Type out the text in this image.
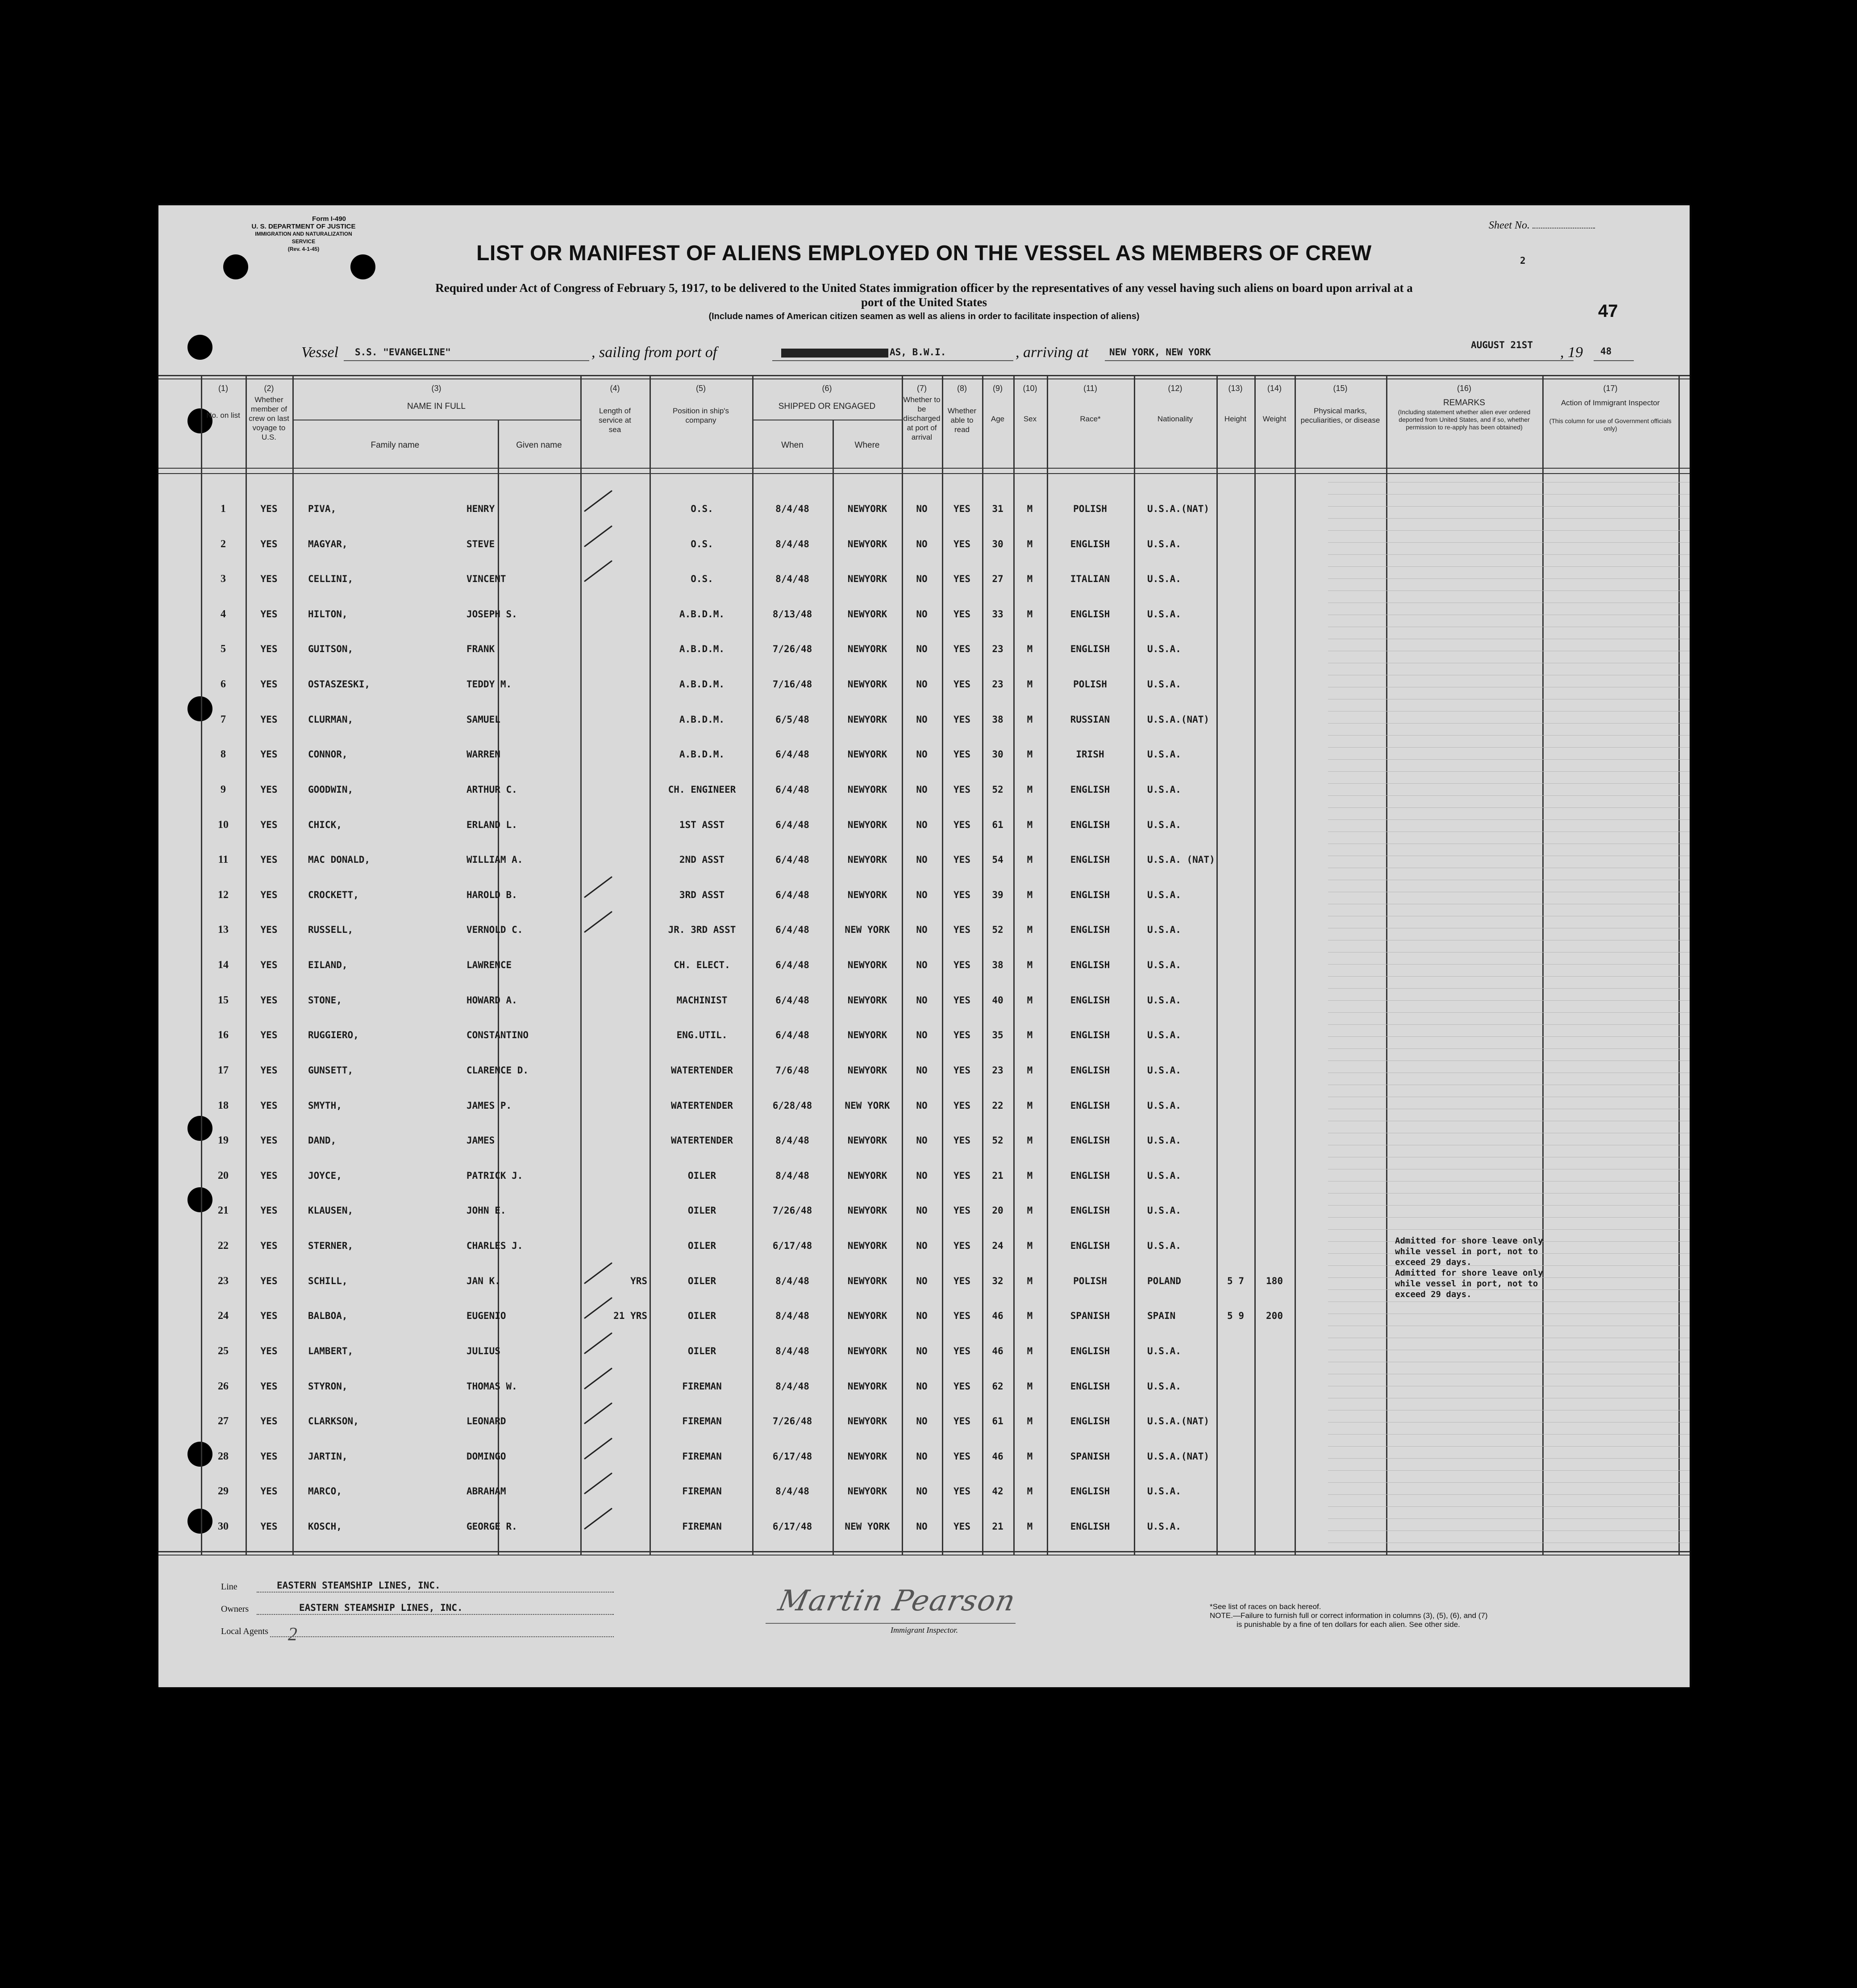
Form I-490
U. S. DEPARTMENT OF JUSTICE
IMMIGRATION AND NATURALIZATION SERVICE
(Rev. 4-1-45)
Sheet No.
2
47
LIST OR MANIFEST OF ALIENS EMPLOYED ON THE VESSEL AS MEMBERS OF CREW
Required under Act of Congress of February 5, 1917, to be delivered to the United States immigration officer by the representatives of any vessel having such aliens on board upon arrival at a
port of the United States
(Include names of American citizen seamen as well as aliens in order to facilitate inspection of aliens)
Vessel S.S. "EVANGELINE"	, sailing from port of	AS, B.W.I.	, arriving at NEW YORK, NEW YORK
AUGUST 21ST , 19 48
(1)
No. on list
(2)
Whether member of crew on last voyage to U.S.
(3)
NAME IN FULL
Family name	Given name
(4)
Length of service at sea
(5)
Position in ship's company
(6)
SHIPPED OR ENGAGED
When	Where
(7)
Whether to be discharged at port of arrival
(8)
Whether able to read
(9)
Age
(10)
Sex
(11)
Race*
(12)
Nationality
(13)
Height
(14)
Weight
(15)
Physical marks, peculiarities, or disease
(16)
REMARKS
(Including statement whether alien ever ordered deported from United States, and if so, whether permission to re-apply has been obtained)
(17)
Action of Immigrant Inspector
(This column for use of Government officials only)
1	YES	PIVA,	HENRY	O.S.	8/4/48	NEWYORK	NO	YES	31	M	POLISH	U.S.A.(NAT)
2	YES	MAGYAR,	STEVE	O.S.	8/4/48	NEWYORK	NO	YES	30	M	ENGLISH	U.S.A.
3	YES	CELLINI,	VINCENT	O.S.	8/4/48	NEWYORK	NO	YES	27	M	ITALIAN	U.S.A.
4	YES	HILTON,	JOSEPH S.	A.B.D.M.	8/13/48	NEWYORK	NO	YES	33	M	ENGLISH	U.S.A.
5	YES	GUITSON,	FRANK	A.B.D.M.	7/26/48	NEWYORK	NO	YES	23	M	ENGLISH	U.S.A.
6	YES	OSTASZESKI,	TEDDY M.	A.B.D.M.	7/16/48	NEWYORK	NO	YES	23	M	POLISH	U.S.A.
7	YES	CLURMAN,	SAMUEL	A.B.D.M.	6/5/48	NEWYORK	NO	YES	38	M	RUSSIAN	U.S.A.(NAT)
8	YES	CONNOR,	WARREN	A.B.D.M.	6/4/48	NEWYORK	NO	YES	30	M	IRISH	U.S.A.
9	YES	GOODWIN,	ARTHUR C.	CH. ENGINEER	6/4/48	NEWYORK	NO	YES	52	M	ENGLISH	U.S.A.
10	YES	CHICK,	ERLAND L.	1ST ASST	6/4/48	NEWYORK	NO	YES	61	M	ENGLISH	U.S.A.
11	YES	MAC DONALD,	WILLIAM A.	2ND ASST	6/4/48	NEWYORK	NO	YES	54	M	ENGLISH	U.S.A. (NAT)
12	YES	CROCKETT,	HAROLD B.	3RD ASST	6/4/48	NEWYORK	NO	YES	39	M	ENGLISH	U.S.A.
13	YES	RUSSELL,	VERNOLD C.	JR. 3RD ASST	6/4/48	NEW YORK	NO	YES	52	M	ENGLISH	U.S.A.
14	YES	EILAND,	LAWRENCE	CH. ELECT.	6/4/48	NEWYORK	NO	YES	38	M	ENGLISH	U.S.A.
15	YES	STONE,	HOWARD A.	MACHINIST	6/4/48	NEWYORK	NO	YES	40	M	ENGLISH	U.S.A.
16	YES	RUGGIERO,	CONSTANTINO	ENG.UTIL.	6/4/48	NEWYORK	NO	YES	35	M	ENGLISH	U.S.A.
17	YES	GUNSETT,	CLARENCE D.	WATERTENDER	7/6/48	NEWYORK	NO	YES	23	M	ENGLISH	U.S.A.
18	YES	SMYTH,	JAMES P.	WATERTENDER	6/28/48	NEW YORK	NO	YES	22	M	ENGLISH	U.S.A.
19	YES	DAND,	JAMES	WATERTENDER	8/4/48	NEWYORK	NO	YES	52	M	ENGLISH	U.S.A.
20	YES	JOYCE,	PATRICK J.	OILER	8/4/48	NEWYORK	NO	YES	21	M	ENGLISH	U.S.A.
21	YES	KLAUSEN,	JOHN E.	OILER	7/26/48	NEWYORK	NO	YES	20	M	ENGLISH	U.S.A.
22	YES	STERNER,	CHARLES J.	OILER	6/17/48	NEWYORK	NO	YES	24	M	ENGLISH	U.S.A.
23	YES	SCHILL,	JAN K.	YRS	OILER	8/4/48	NEWYORK	NO	YES	32	M	POLISH	POLAND	5 7	180
24	YES	BALBOA,	EUGENIO	21 YRS	OILER	8/4/48	NEWYORK	NO	YES	46	M	SPANISH	SPAIN	5 9	200
25	YES	LAMBERT,	JULIUS	OILER	8/4/48	NEWYORK	NO	YES	46	M	ENGLISH	U.S.A.
26	YES	STYRON,	THOMAS W.	FIREMAN	8/4/48	NEWYORK	NO	YES	62	M	ENGLISH	U.S.A.
27	YES	CLARKSON,	LEONARD	FIREMAN	7/26/48	NEWYORK	NO	YES	61	M	ENGLISH	U.S.A.(NAT)
28	YES	JARTIN,	DOMINGO	FIREMAN	6/17/48	NEWYORK	NO	YES	46	M	SPANISH	U.S.A.(NAT)
29	YES	MARCO,	ABRAHAM	FIREMAN	8/4/48	NEWYORK	NO	YES	42	M	ENGLISH	U.S.A.
30	YES	KOSCH,	GEORGE R.	FIREMAN	6/17/48	NEW YORK	NO	YES	21	M	ENGLISH	U.S.A.
Admitted for shore leave only
while vessel in port, not to
exceed 29 days.
Admitted for shore leave only
while vessel in port, not to
exceed 29 days.
Line	EASTERN STEAMSHIP LINES, INC.
Owners	EASTERN STEAMSHIP LINES, INC.
Local Agents 2
Martin Pearson
Immigrant Inspector.
*See list of races on back hereof.
NOTE.—Failure to furnish full or correct information in columns (3), (5), (6), and (7)
is punishable by a fine of ten dollars for each alien. See other side.
